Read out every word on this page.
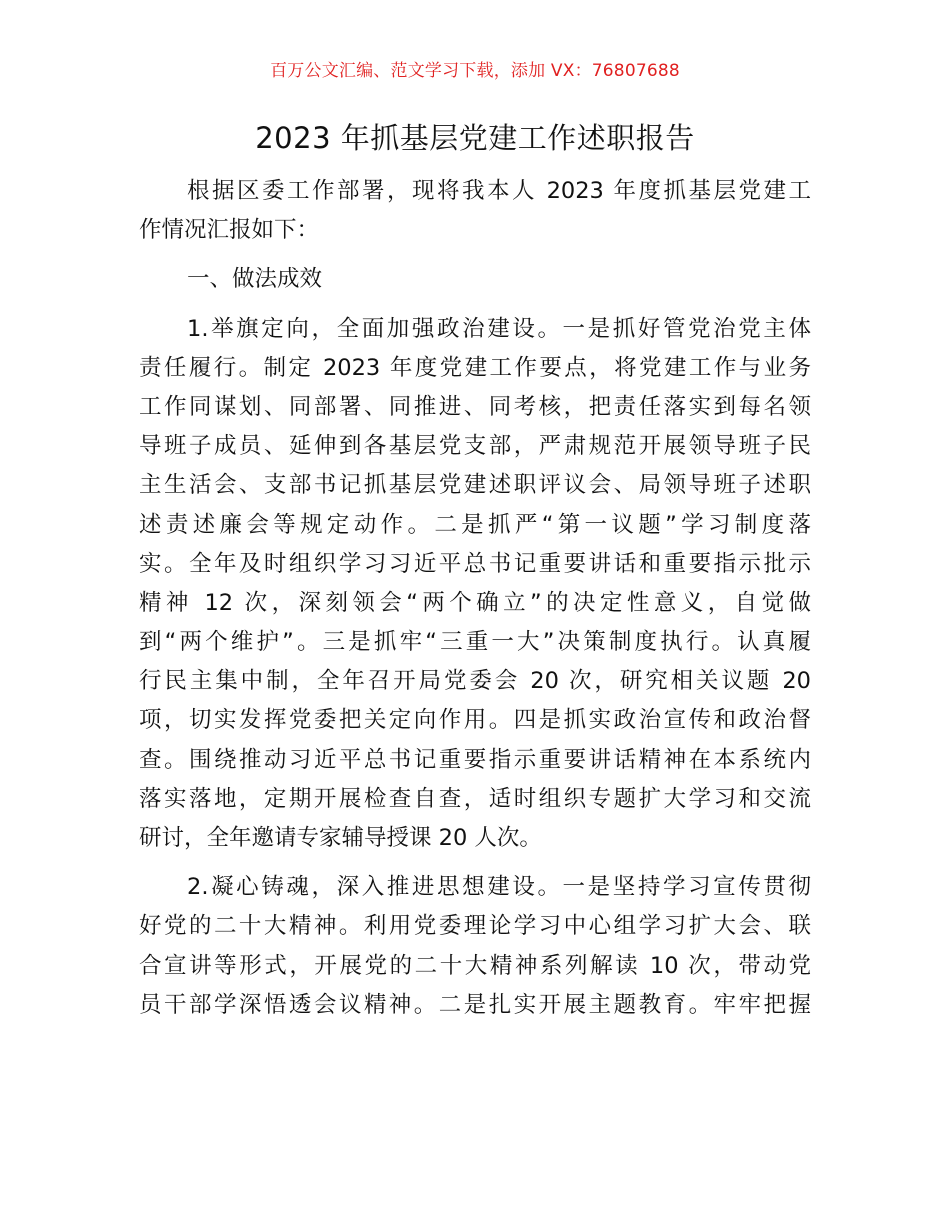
百万公文汇编、范文学习下载，添加 VX：76807688
2023 年抓基层党建工作述职报告
根据区委工作部署，现将我本人 2023 年度抓基层党建工
作情况汇报如下：
一、做法成效
1.举旗定向，全面加强政治建设。一是抓好管党治党主体
责任履行。制定 2023 年度党建工作要点，将党建工作与业务
工作同谋划、同部署、同推进、同考核，把责任落实到每名领
导班子成员、延伸到各基层党支部，严肃规范开展领导班子民
主生活会、支部书记抓基层党建述职评议会、局领导班子述职
述责述廉会等规定动作。二是抓严“第一议题”学习制度落
实。全年及时组织学习习近平总书记重要讲话和重要指示批示
精神 12 次，深刻领会“两个确立”的决定性意义，自觉做
到“两个维护”。三是抓牢“三重一大”决策制度执行。认真履
行民主集中制，全年召开局党委会 20 次，研究相关议题 20
项，切实发挥党委把关定向作用。四是抓实政治宣传和政治督
查。围绕推动习近平总书记重要指示重要讲话精神在本系统内
落实落地，定期开展检查自查，适时组织专题扩大学习和交流
研讨，全年邀请专家辅导授课 20 人次。
2.凝心铸魂，深入推进思想建设。一是坚持学习宣传贯彻
好党的二十大精神。利用党委理论学习中心组学习扩大会、联
合宣讲等形式，开展党的二十大精神系列解读 10 次，带动党
员干部学深悟透会议精神。二是扎实开展主题教育。牢牢把握
